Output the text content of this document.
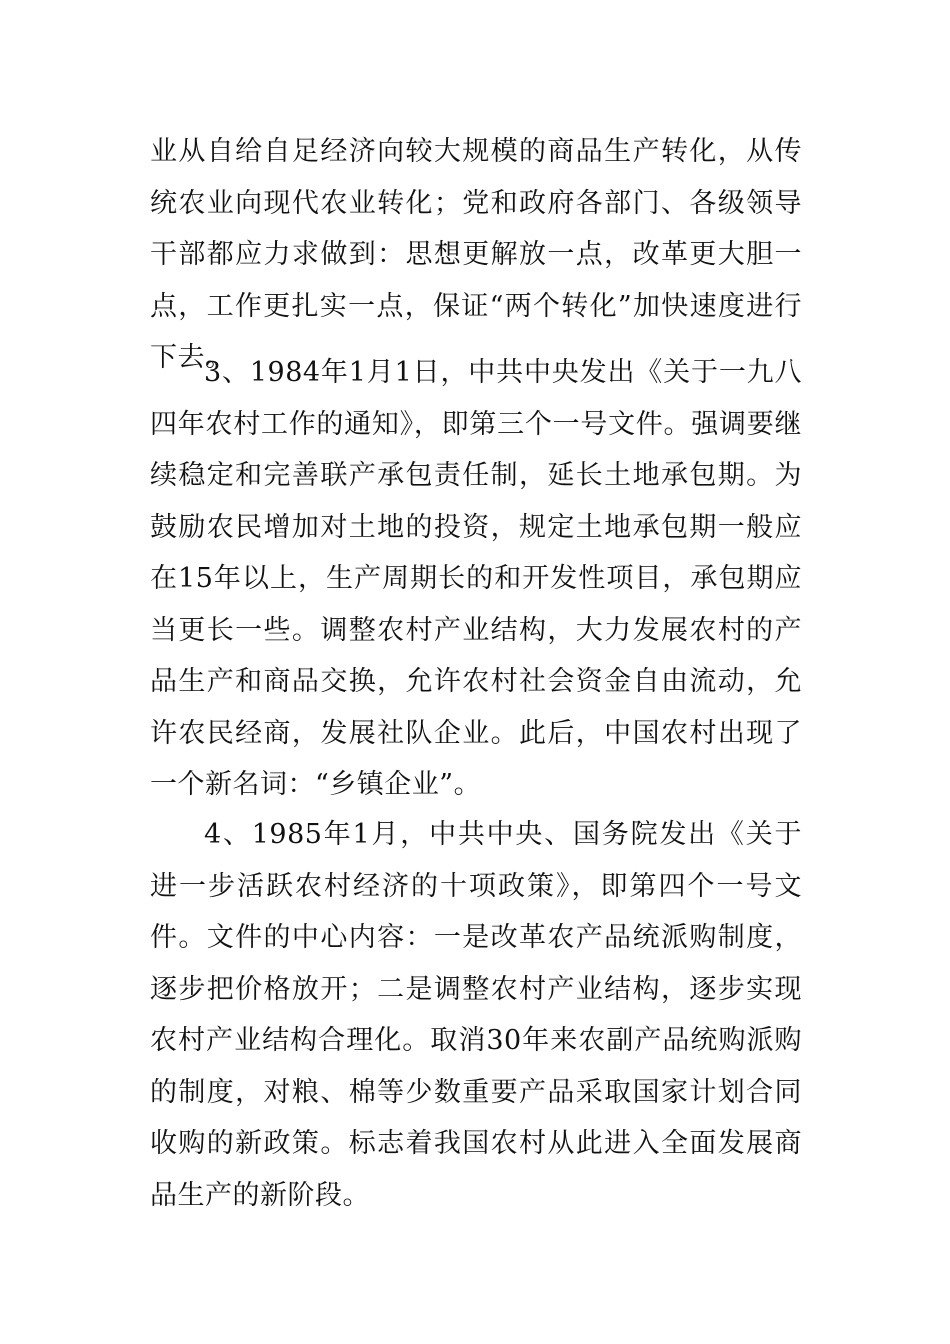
业从自给自足经济向较大规模的商品生产转化，从传统农业向现代农业转化；党和政府各部门、各级领导干部都应力求做到：思想更解放一点，改革更大胆一点，工作更扎实一点，保证“两个转化”加快速度进行下去。

3、1984年1月1日，中共中央发出《关于一九八四年农村工作的通知》，即第三个一号文件。强调要继续稳定和完善联产承包责任制，延长土地承包期。为鼓励农民增加对土地的投资，规定土地承包期一般应在15年以上，生产周期长的和开发性项目，承包期应当更长一些。调整农村产业结构，大力发展农村的产品生产和商品交换，允许农村社会资金自由流动，允许农民经商，发展社队企业。此后，中国农村出现了一个新名词：“乡镇企业”。

4、1985年1月，中共中央、国务院发出《关于进一步活跃农村经济的十项政策》，即第四个一号文件。文件的中心内容：一是改革农产品统派购制度，逐步把价格放开；二是调整农村产业结构，逐步实现农村产业结构合理化。取消30年来农副产品统购派购的制度，对粮、棉等少数重要产品采取国家计划合同收购的新政策。标志着我国农村从此进入全面发展商品生产的新阶段。
